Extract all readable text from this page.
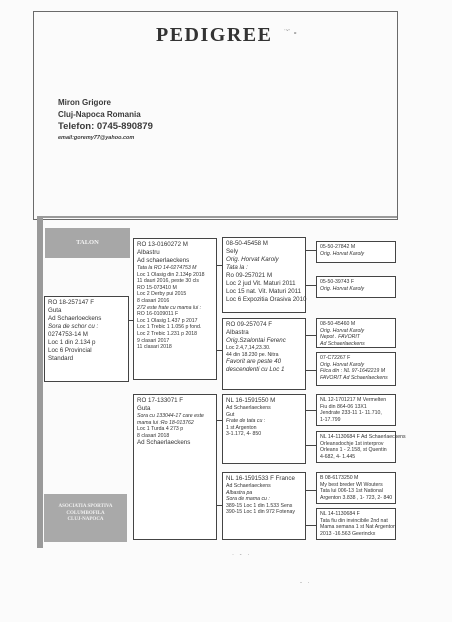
PEDIGREE ˙˘˙ ∘
Miron Grigore
Cluj-Napoca Romania
Telefon: 0745-890879
email:goremy77@yahoo.com
TALON
RO 18-257147 F
Guta
Ad Schaerloeckens
Sora de schor cu :
0274753-14 M
Loc 1 din 2.134 p
Loc 6 Provincial
Standard
RO 13-0160272 M
Albastru
Ad schaerlaeckens
Tata la RO 14-0274753 M
Loc 1 Olasig din 2.134p 2018
11 dauri 2016, peste 30 cls
RO 15-073410 M
Loc 2 Derby pui 2015
8 clasari 2016
272 este frate cu mama lui :
RO 16-0109011 F
Loc 1 Olasig 1.437 p 2017
Loc 1 Trebic 1 1.056 p fond.
Loc 2 Trebic 1.231 p 2018
9 clasari 2017
11 clasari 2018
RO 17-133071 F
Guta
Sora cu 133044-17 care este
mama lui :Ro 18-013762
Loc 1 Turda 4 273 p
8 clasari 2018
Ad Schaerlaeckens
08-50-45458 M
Sely
Orig. Horvat Karoly
Tata la :
Ro 09-257021 M
Loc 2 jud Vit. Maturi 2011
Loc 15 nat. Vit. Maturi 2011
Loc 6 Expozitia Orasiva 2010
RO 09-257074 F
Albastra
Orig.Szalontai Ferenc
Loc 2.4,7,14,23.30.
44 din 18.230 pe. Nitra
Favorit are peste 40
descendenti cu Loc 1
NL 16-1591550 M
Ad Schaerlaeckens
Gut
Frate de tata cu :
1 st Argenton
3-1.172, 4- 850
NL 16-1591533 F France
Ad Schaerlaeckens
Albastra pa
Sora de mama cu :
389-15 Loc 1 din 1.533 Sens
390-15 Loc 1 din 972 Fotenay
05-50-27842 M
Orig. Horvat Karoly
05-50-39743 F
Orig. Horvat Karoly
08-50-45460 M
Orig. Horvat Karoly
Nepot . FAVORIT
Ad Schaerlaeckens
07-C72267 F
Orig. Horvat Karoly
Fiica din : NL 97-1642219 M
FAVORIT Ad Schaerlaeckens
NL 12-1701217 M Vermelten
Fiu din 864-06 13X1
Jendrate 233-11 1- 11.710,
1-17.799
NL 14-1130684 F Ad Schaerlaeckens
Orleansdochje 1st interprov
Orleans 1 - 2.158, st Quentin
4-682, 4- 1.445
B 08-6173250 M
My best breder Wl Wouters
Tata lui 006-13 1st National
Argenton 3.838 , 1- 723, 2- 840
NL 14-1130684 F
Tata fiu din invincibile 2nd nat
Mama semana 1 st Nat Argenton
2013 -16.563 Geerinckx
ASOCIATIA SPORTIVA
COLUMBOFILA
CLUJ-NAPOCA
· - ·
- ·
